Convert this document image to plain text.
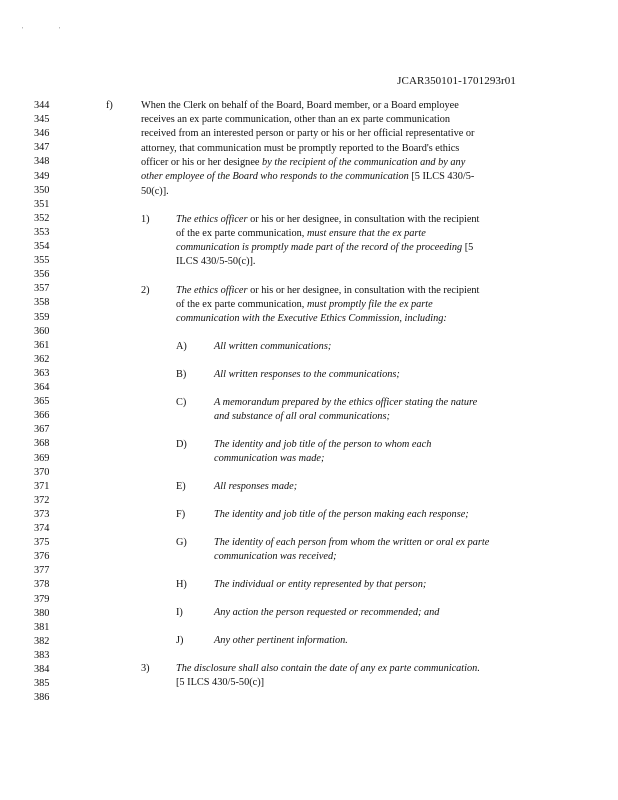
'	'
JCAR350101-1701293r01
344
345
346
347
348
349
350
351
352
353
354
355
356
357
358
359
360
361
362
363
364
365
366
367
368
369
370
371
372
373
374
375
376
377
378
379
380
381
382
383
384
385
386
f)	When the Clerk on behalf of the Board, Board member, or a Board employee
receives an ex parte communication, other than an ex parte communication
received from an interested person or party or his or her official representative or
attorney, that communication must be promptly reported to the Board's ethics
officer or his or her designee by the recipient of the communication and by any
other employee of the Board who responds to the communication [5 ILCS 430/5-
50(c)].
1)	The ethics officer or his or her designee, in consultation with the recipient
of the ex parte communication, must ensure that the ex parte
communication is promptly made part of the record of the proceeding [5
ILCS 430/5-50(c)].
2)	The ethics officer or his or her designee, in consultation with the recipient
of the ex parte communication, must promptly file the ex parte
communication with the Executive Ethics Commission, including:
A)	All written communications;
B)	All written responses to the communications;
C)	A memorandum prepared by the ethics officer stating the nature
and substance of all oral communications;
D)	The identity and job title of the person to whom each
communication was made;
E)	All responses made;
F)	The identity and job title of the person making each response;
G)	The identity of each person from whom the written or oral ex parte
communication was received;
H)	The individual or entity represented by that person;
I)	Any action the person requested or recommended; and
J)	Any other pertinent information.
3)	The disclosure shall also contain the date of any ex parte communication.
[5 ILCS 430/5-50(c)]
